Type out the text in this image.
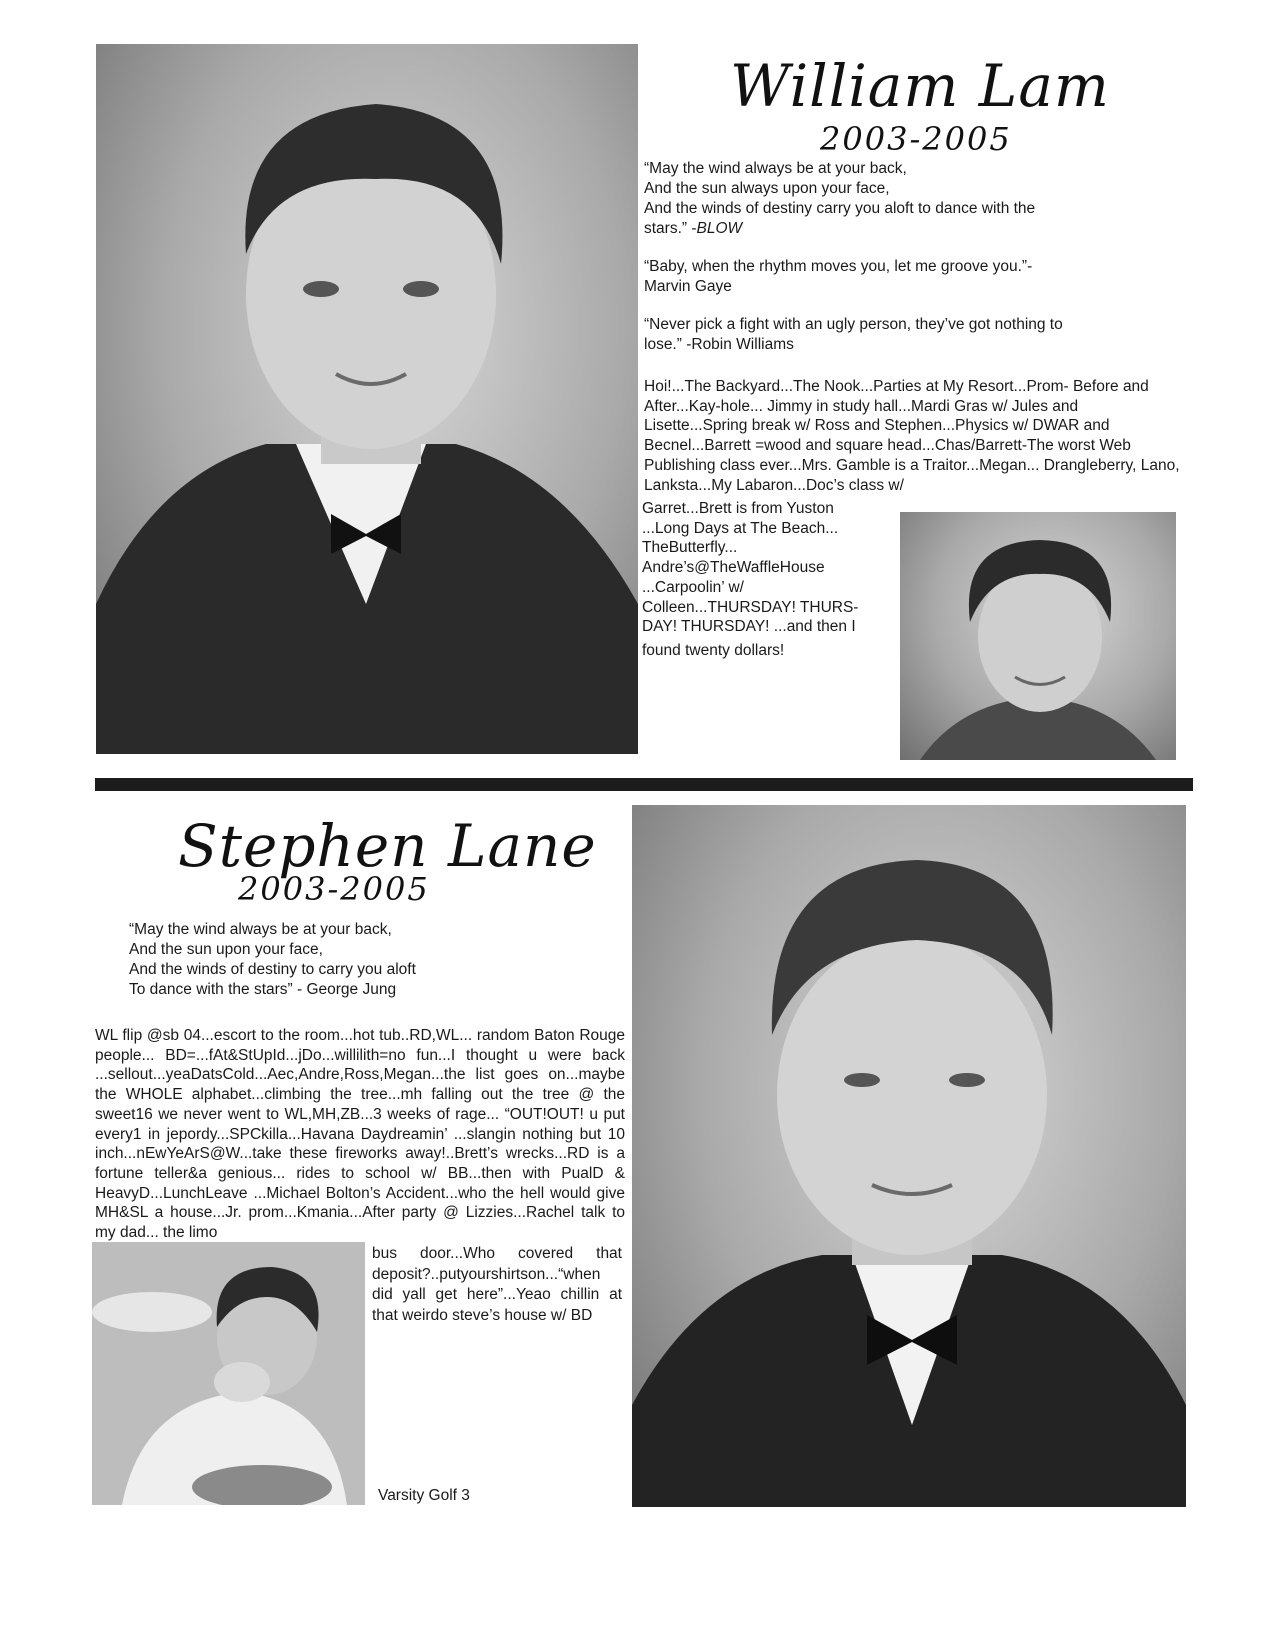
William Lam
2003-2005

“May the wind always be at your back,
And the sun always upon your face,
And the winds of destiny carry you aloft to dance with the
stars.” -BLOW

“Baby, when the rhythm moves you, let me groove you.”-
Marvin Gaye

“Never pick a fight with an ugly person, they’ve got nothing to
lose.” -Robin Williams

Hoi!...The Backyard...The Nook...Parties at My Resort...Prom- Before and After...Kay-hole... Jimmy in study hall...Mardi Gras w/ Jules and Lisette...Spring break w/ Ross and Stephen...Physics w/ DWAR and Becnel...Barrett =wood and square head...Chas/Barrett-The worst Web Publishing class ever...Mrs. Gamble is a Traitor...Megan... Drangleberry, Lano, Lanksta...My Labaron...Doc’s class w/
Garret...Brett is from Yuston
...Long Days at The Beach...
TheButterfly...
Andre’s@TheWaffleHouse
...Carpoolin’ w/
Colleen...THURSDAY! THURS-
DAY! THURSDAY! ...and then I
found twenty dollars!
Stephen Lane
2003-2005

“May the wind always be at your back,
And the sun upon your face,
And the winds of destiny to carry you aloft
To dance with the stars” - George Jung

WL flip @sb 04...escort to the room...hot tub..RD,WL... random Baton Rouge people... BD=...fAt&StUpId...jDo...willilith=no fun...I thought u were back ...sellout...yeaDatsCold...Aec,Andre,Ross,Megan...the list goes on...maybe the WHOLE alphabet...climbing the tree...mh falling out the tree @ the sweet16 we never went to WL,MH,ZB...3 weeks of rage... “OUT!OUT! u put every1 in jepordy...SPCkilla...Havana Daydreamin’ ...slangin nothing but 10 inch...nEwYeArS@W...take these fireworks away!..Brett’s wrecks...RD is a fortune teller&a genious... rides to school w/ BB...then with PualD & HeavyD...LunchLeave ...Michael Bolton’s Accident...who the hell would give MH&SL a house...Jr. prom...Kmania...After party @ Lizzies...Rachel talk to my dad... the limo
bus door...Who covered that deposit?..putyourshirtson...“when did yall get here”...Yeao chillin at that weirdo steve’s house w/ BD
Varsity Golf 3
